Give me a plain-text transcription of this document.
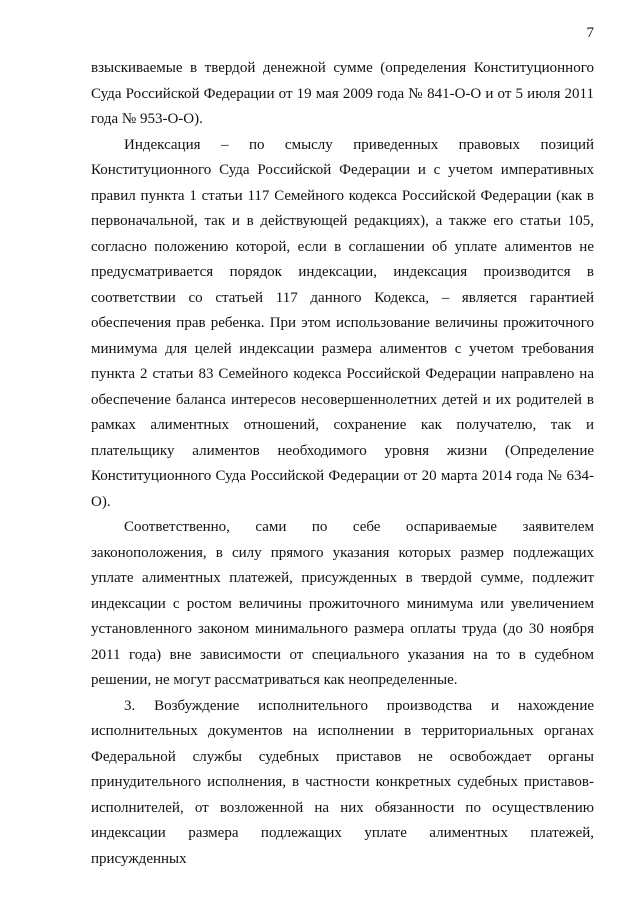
7

взыскиваемые в твердой денежной сумме (определения Конституционного Суда Российской Федерации от 19 мая 2009 года № 841-О-О и от 5 июля 2011 года № 953-О-О).

Индексация – по смыслу приведенных правовых позиций Конституционного Суда Российской Федерации и с учетом императивных правил пункта 1 статьи 117 Семейного кодекса Российской Федерации (как в первоначальной, так и в действующей редакциях), а также его статьи 105, согласно положению которой, если в соглашении об уплате алиментов не предусматривается порядок индексации, индексация производится в соответствии со статьей 117 данного Кодекса, – является гарантией обеспечения прав ребенка. При этом использование величины прожиточного минимума для целей индексации размера алиментов с учетом требования пункта 2 статьи 83 Семейного кодекса Российской Федерации направлено на обеспечение баланса интересов несовершеннолетних детей и их родителей в рамках алиментных отношений, сохранение как получателю, так и плательщику алиментов необходимого уровня жизни (Определение Конституционного Суда Российской Федерации от 20 марта 2014 года № 634-О).

Соответственно, сами по себе оспариваемые заявителем законоположения, в силу прямого указания которых размер подлежащих уплате алиментных платежей, присужденных в твердой сумме, подлежит индексации с ростом величины прожиточного минимума или увеличением установленного законом минимального размера оплаты труда (до 30 ноября 2011 года) вне зависимости от специального указания на то в судебном решении, не могут рассматриваться как неопределенные.

3. Возбуждение исполнительного производства и нахождение исполнительных документов на исполнении в территориальных органах Федеральной службы судебных приставов не освобождает органы принудительного исполнения, в частности конкретных судебных приставов-исполнителей, от возложенной на них обязанности по осуществлению индексации размера подлежащих уплате алиментных платежей, присужденных
